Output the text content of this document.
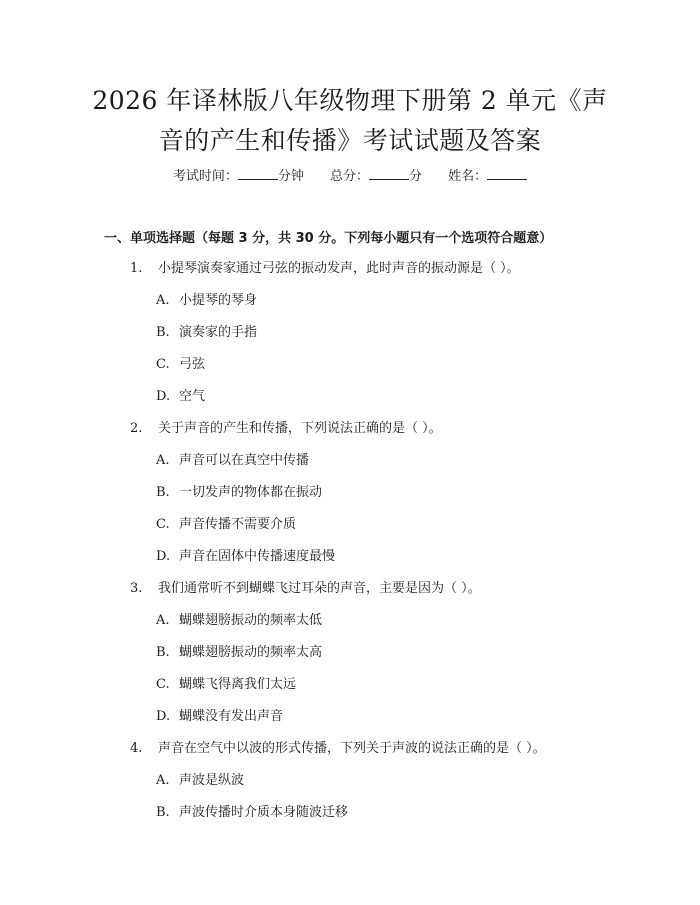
2026 年译林版八年级物理下册第 2 单元《声
音的产生和传播》考试试题及答案
考试时间：	分钟 总分：	分 姓名：
一、单项选择题（每题 3 分，共 30 分。下列每小题只有一个选项符合题意）
1. 小提琴演奏家通过弓弦的振动发声，此时声音的振动源是（ ）。
A. 小提琴的琴身
B. 演奏家的手指
C. 弓弦
D. 空气
2. 关于声音的产生和传播，下列说法正确的是（ ）。
A. 声音可以在真空中传播
B. 一切发声的物体都在振动
C. 声音传播不需要介质
D. 声音在固体中传播速度最慢
3. 我们通常听不到蝴蝶飞过耳朵的声音，主要是因为（ ）。
A. 蝴蝶翅膀振动的频率太低
B. 蝴蝶翅膀振动的频率太高
C. 蝴蝶飞得离我们太远
D. 蝴蝶没有发出声音
4. 声音在空气中以波的形式传播，下列关于声波的说法正确的是（ ）。
A. 声波是纵波
B. 声波传播时介质本身随波迁移
